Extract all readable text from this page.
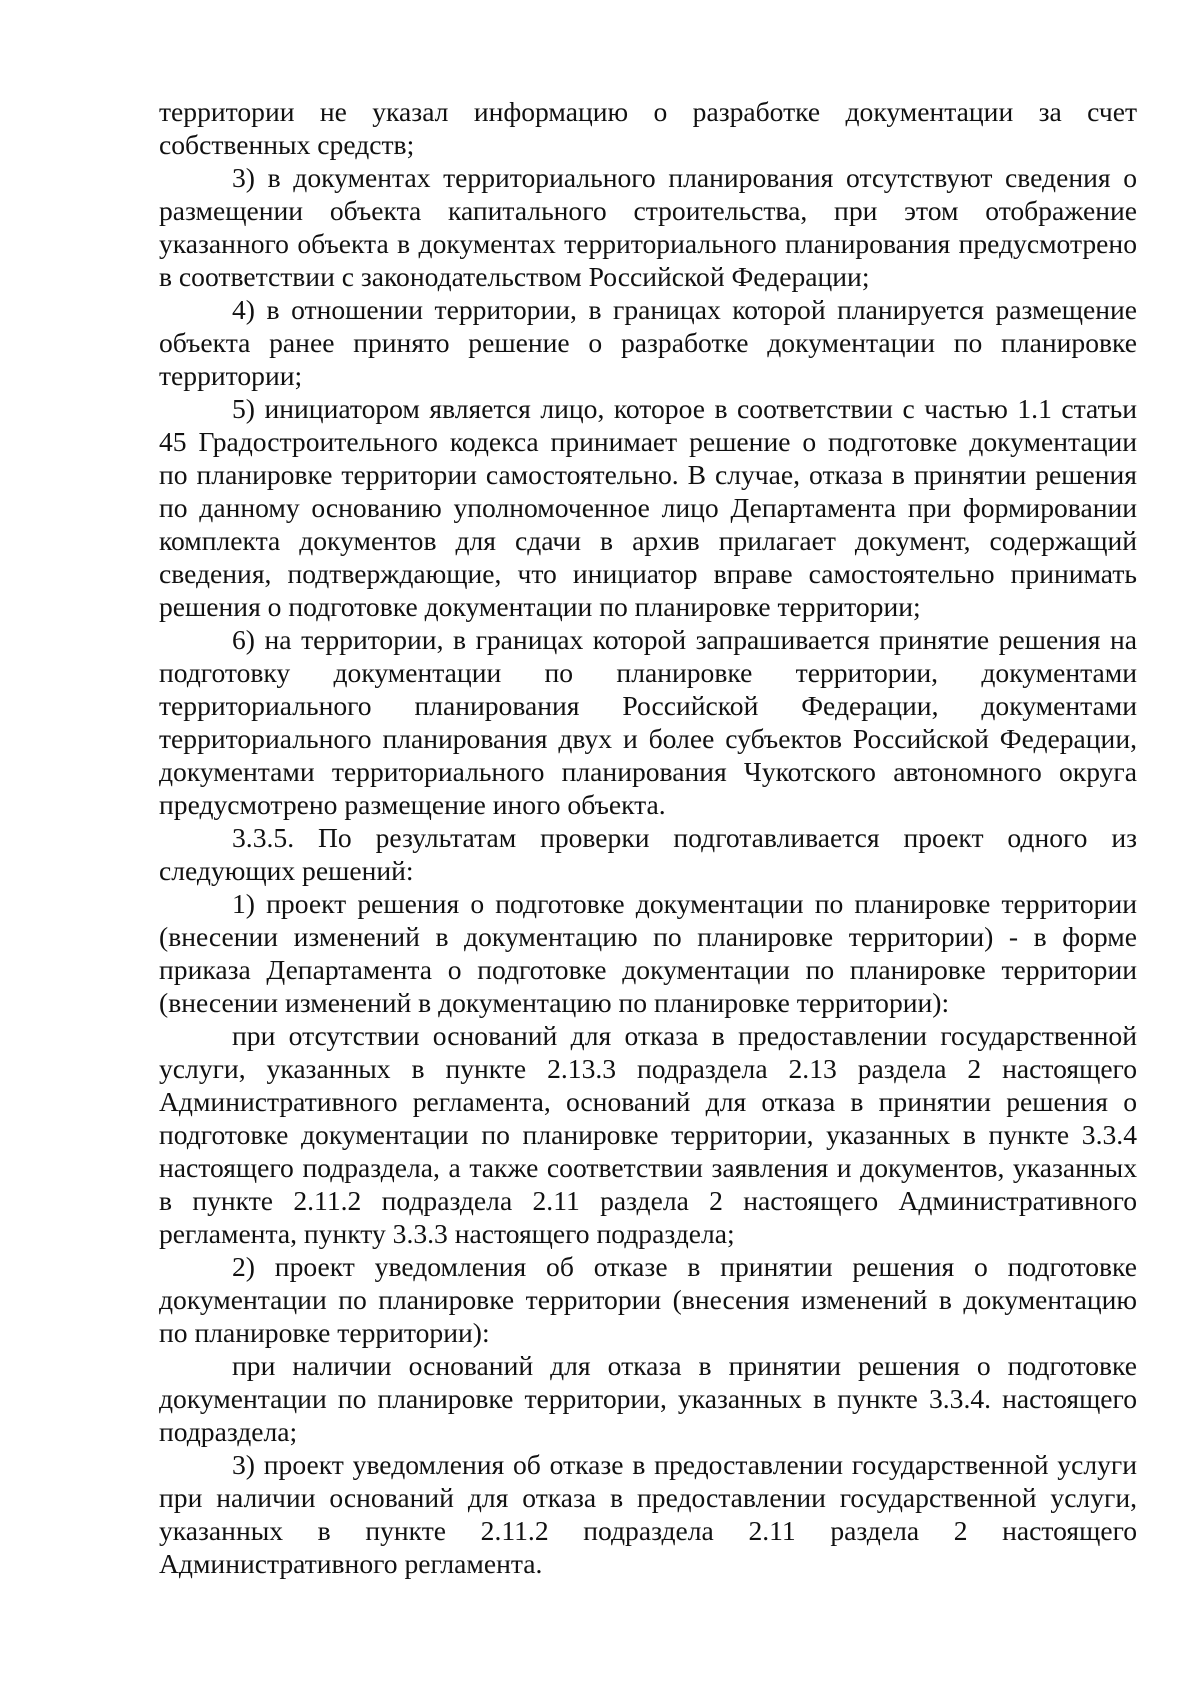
территории не указал информацию о разработке документации за счет собственных средств;

3) в документах территориального планирования отсутствуют сведения о размещении объекта капитального строительства, при этом отображение указанного объекта в документах территориального планирования предусмотрено в соответствии с законодательством Российской Федерации;

4) в отношении территории, в границах которой планируется размещение объекта ранее принято решение о разработке документации по планировке территории;

5) инициатором является лицо, которое в соответствии с частью 1.1 статьи 45 Градостроительного кодекса принимает решение о подготовке документации по планировке территории самостоятельно. В случае, отказа в принятии решения по данному основанию уполномоченное лицо Департамента при формировании комплекта документов для сдачи в архив прилагает документ, содержащий сведения, подтверждающие, что инициатор вправе самостоятельно принимать решения о подготовке документации по планировке территории;

6) на территории, в границах которой запрашивается принятие решения на подготовку документации по планировке территории, документами территориального планирования Российской Федерации, документами территориального планирования двух и более субъектов Российской Федерации, документами территориального планирования Чукотского автономного округа предусмотрено размещение иного объекта.

3.3.5. По результатам проверки подготавливается проект одного из следующих решений:

1) проект решения о подготовке документации по планировке территории (внесении изменений в документацию по планировке территории) - в форме приказа Департамента о подготовке документации по планировке территории (внесении изменений в документацию по планировке территории):

при отсутствии оснований для отказа в предоставлении государственной услуги, указанных в пункте 2.13.3 подраздела 2.13 раздела 2 настоящего Административного регламента, оснований для отказа в принятии решения о подготовке документации по планировке территории, указанных в пункте 3.3.4 настоящего подраздела, а также соответствии заявления и документов, указанных в пункте 2.11.2 подраздела 2.11 раздела 2 настоящего Административного регламента, пункту 3.3.3 настоящего подраздела;

2) проект уведомления об отказе в принятии решения о подготовке документации по планировке территории (внесения изменений в документацию по планировке территории):

при наличии оснований для отказа в принятии решения о подготовке документации по планировке территории, указанных в пункте 3.3.4. настоящего подраздела;

3) проект уведомления об отказе в предоставлении государственной услуги при наличии оснований для отказа в предоставлении государственной услуги, указанных в пункте 2.11.2 подраздела 2.11 раздела 2 настоящего Административного регламента.
